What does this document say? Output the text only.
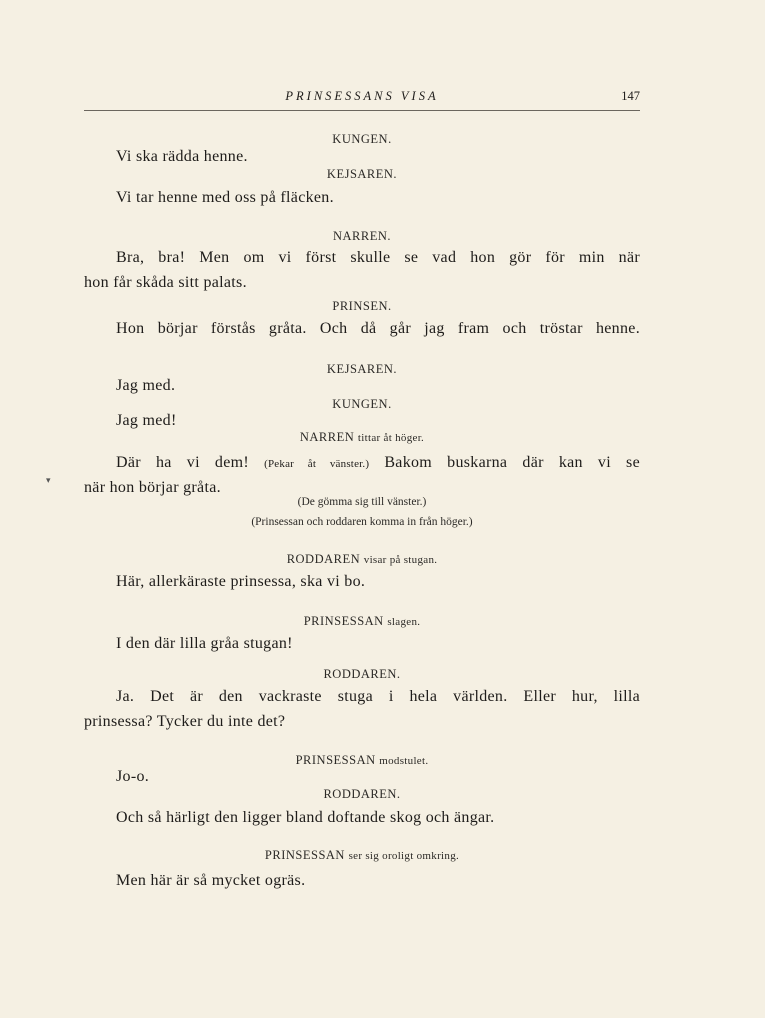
PRINSESSANS VISA	147
KUNGEN.
Vi ska rädda henne.
KEJSAREN.
Vi tar henne med oss på fläcken.
NARREN.
Bra, bra! Men om vi först skulle se vad hon gör för min när
hon får skåda sitt palats.
PRINSEN.
Hon börjar förstås gråta. Och då går jag fram och tröstar henne.
KEJSAREN.
Jag med.
KUNGEN.
Jag med!
NARREN tittar åt höger.
Där ha vi dem! (Pekar åt vänster.) Bakom buskarna där kan vi se
när hon börjar gråta.
▾
(De gömma sig till vänster.)
(Prinsessan och roddaren komma in från höger.)
RODDAREN visar på stugan.
Här, allerkäraste prinsessa, ska vi bo.
PRINSESSAN slagen.
I den där lilla gråa stugan!
RODDAREN.
Ja. Det är den vackraste stuga i hela världen. Eller hur, lilla
prinsessa? Tycker du inte det?
PRINSESSAN modstulet.
Jo-o.
RODDAREN.
Och så härligt den ligger bland doftande skog och ängar.
PRINSESSAN ser sig oroligt omkring.
Men här är så mycket ogräs.
